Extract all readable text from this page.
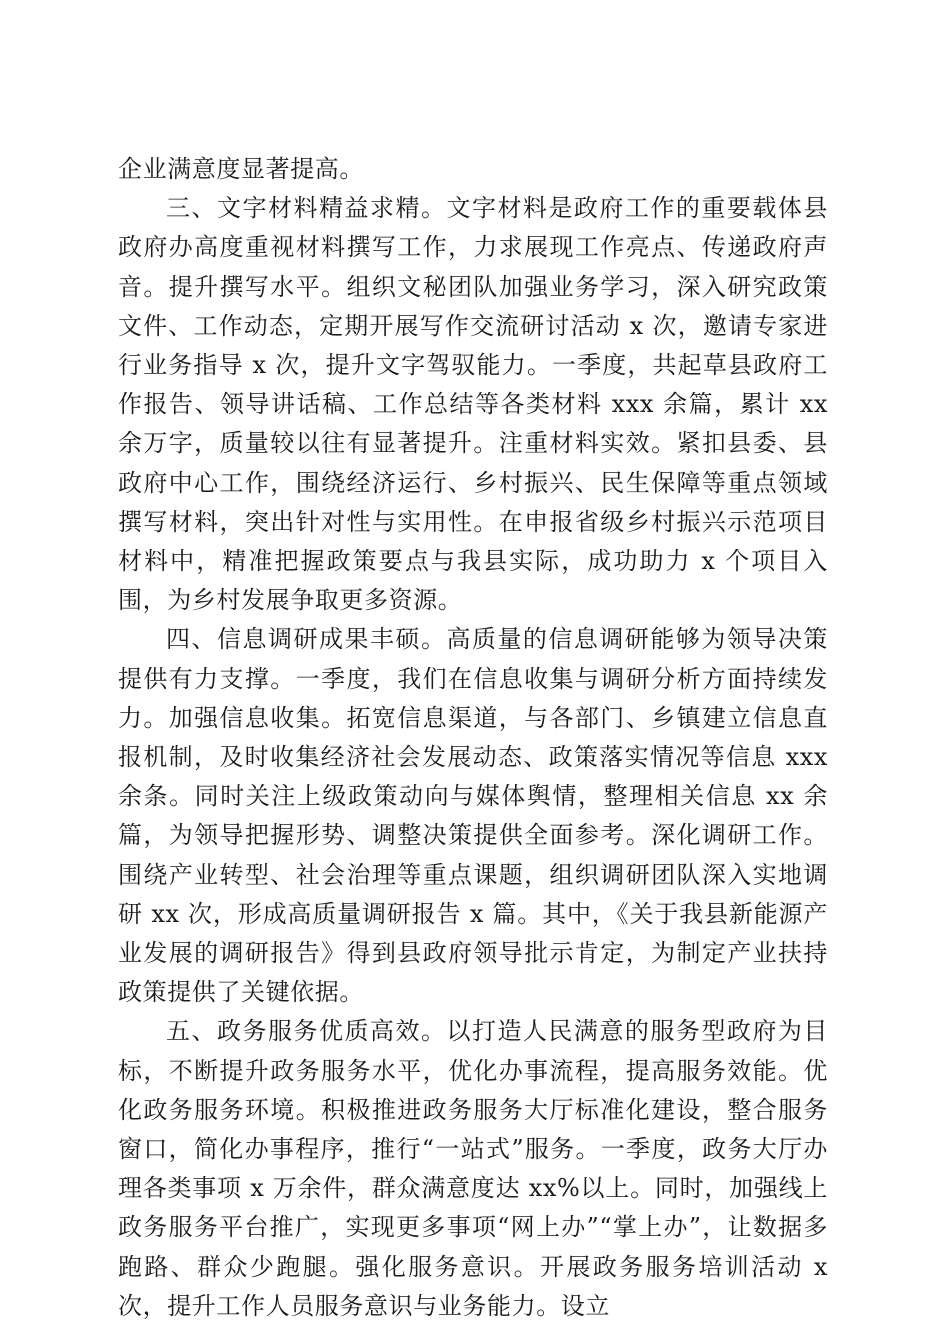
企业满意度显著提高。

三、文字材料精益求精。文字材料是政府工作的重要载体县政府办高度重视材料撰写工作，力求展现工作亮点、传递政府声音。提升撰写水平。组织文秘团队加强业务学习，深入研究政策文件、工作动态，定期开展写作交流研讨活动 x 次，邀请专家进行业务指导 x 次，提升文字驾驭能力。一季度，共起草县政府工作报告、领导讲话稿、工作总结等各类材料 xxx 余篇，累计 xx 余万字，质量较以往有显著提升。注重材料实效。紧扣县委、县政府中心工作，围绕经济运行、乡村振兴、民生保障等重点领域撰写材料，突出针对性与实用性。在申报省级乡村振兴示范项目材料中，精准把握政策要点与我县实际，成功助力 x 个项目入围，为乡村发展争取更多资源。

四、信息调研成果丰硕。高质量的信息调研能够为领导决策提供有力支撑。一季度，我们在信息收集与调研分析方面持续发力。加强信息收集。拓宽信息渠道，与各部门、乡镇建立信息直报机制，及时收集经济社会发展动态、政策落实情况等信息 xxx 余条。同时关注上级政策动向与媒体舆情，整理相关信息 xx 余篇，为领导把握形势、调整决策提供全面参考。深化调研工作。围绕产业转型、社会治理等重点课题，组织调研团队深入实地调研 xx 次，形成高质量调研报告 x 篇。其中，《关于我县新能源产业发展的调研报告》得到县政府领导批示肯定，为制定产业扶持政策提供了关键依据。

五、政务服务优质高效。以打造人民满意的服务型政府为目标，不断提升政务服务水平，优化办事流程，提高服务效能。优化政务服务环境。积极推进政务服务大厅标准化建设，整合服务窗口，简化办事程序，推行“一站式”服务。一季度，政务大厅办理各类事项 x 万余件，群众满意度达 xx%以上。同时，加强线上政务服务平台推广，实现更多事项“网上办”“掌上办”，让数据多跑路、群众少跑腿。强化服务意识。开展政务服务培训活动 x 次，提升工作人员服务意识与业务能力。设立
